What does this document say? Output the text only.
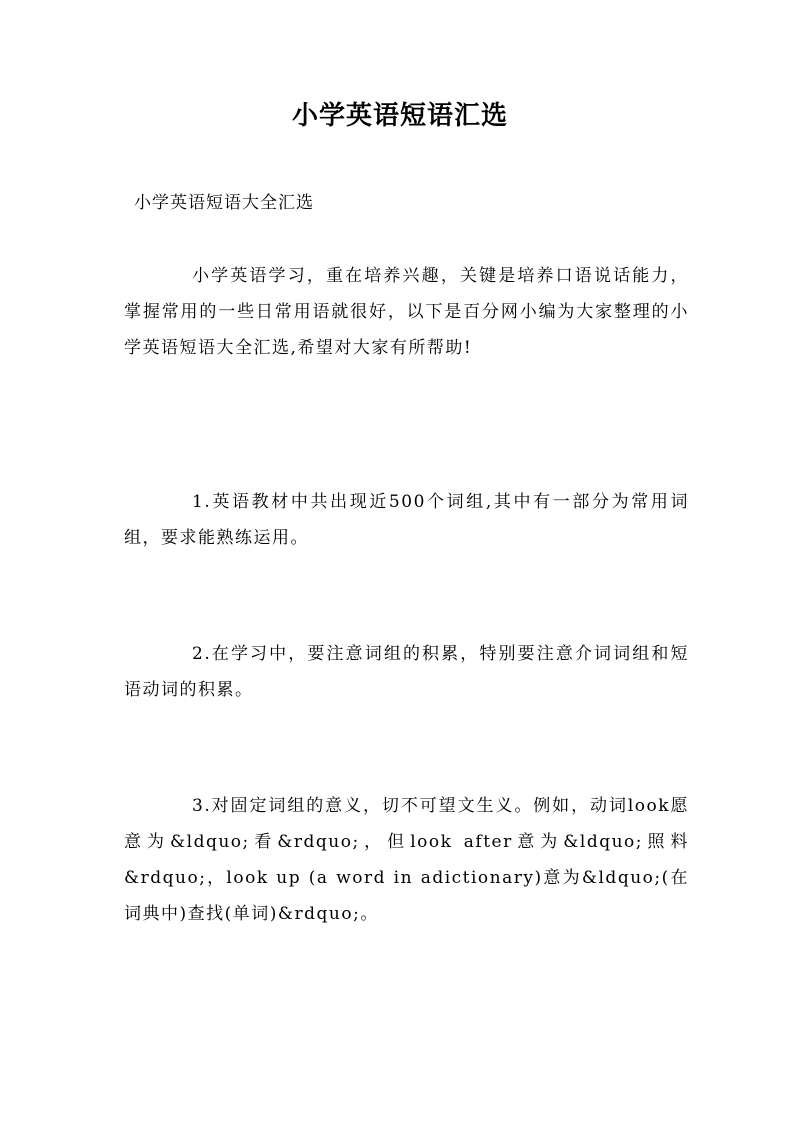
小学英语短语汇选
小学英语短语大全汇选

小学英语学习，重在培养兴趣，关键是培养口语说话能力，掌握常用的一些日常用语就很好，以下是百分网小编为大家整理的小学英语短语大全汇选,希望对大家有所帮助!

1.英语教材中共出现近500个词组,其中有一部分为常用词组，要求能熟练运用。

2.在学习中，要注意词组的积累，特别要注意介词词组和短语动词的积累。

3.对固定词组的意义，切不可望文生义。例如，动词look愿意为&ldquo;看&rdquo;，但look after意为&ldquo;照料&rdquo;，look up (a word in adictionary)意为&ldquo;(在词典中)查找(单词)&rdquo;。
